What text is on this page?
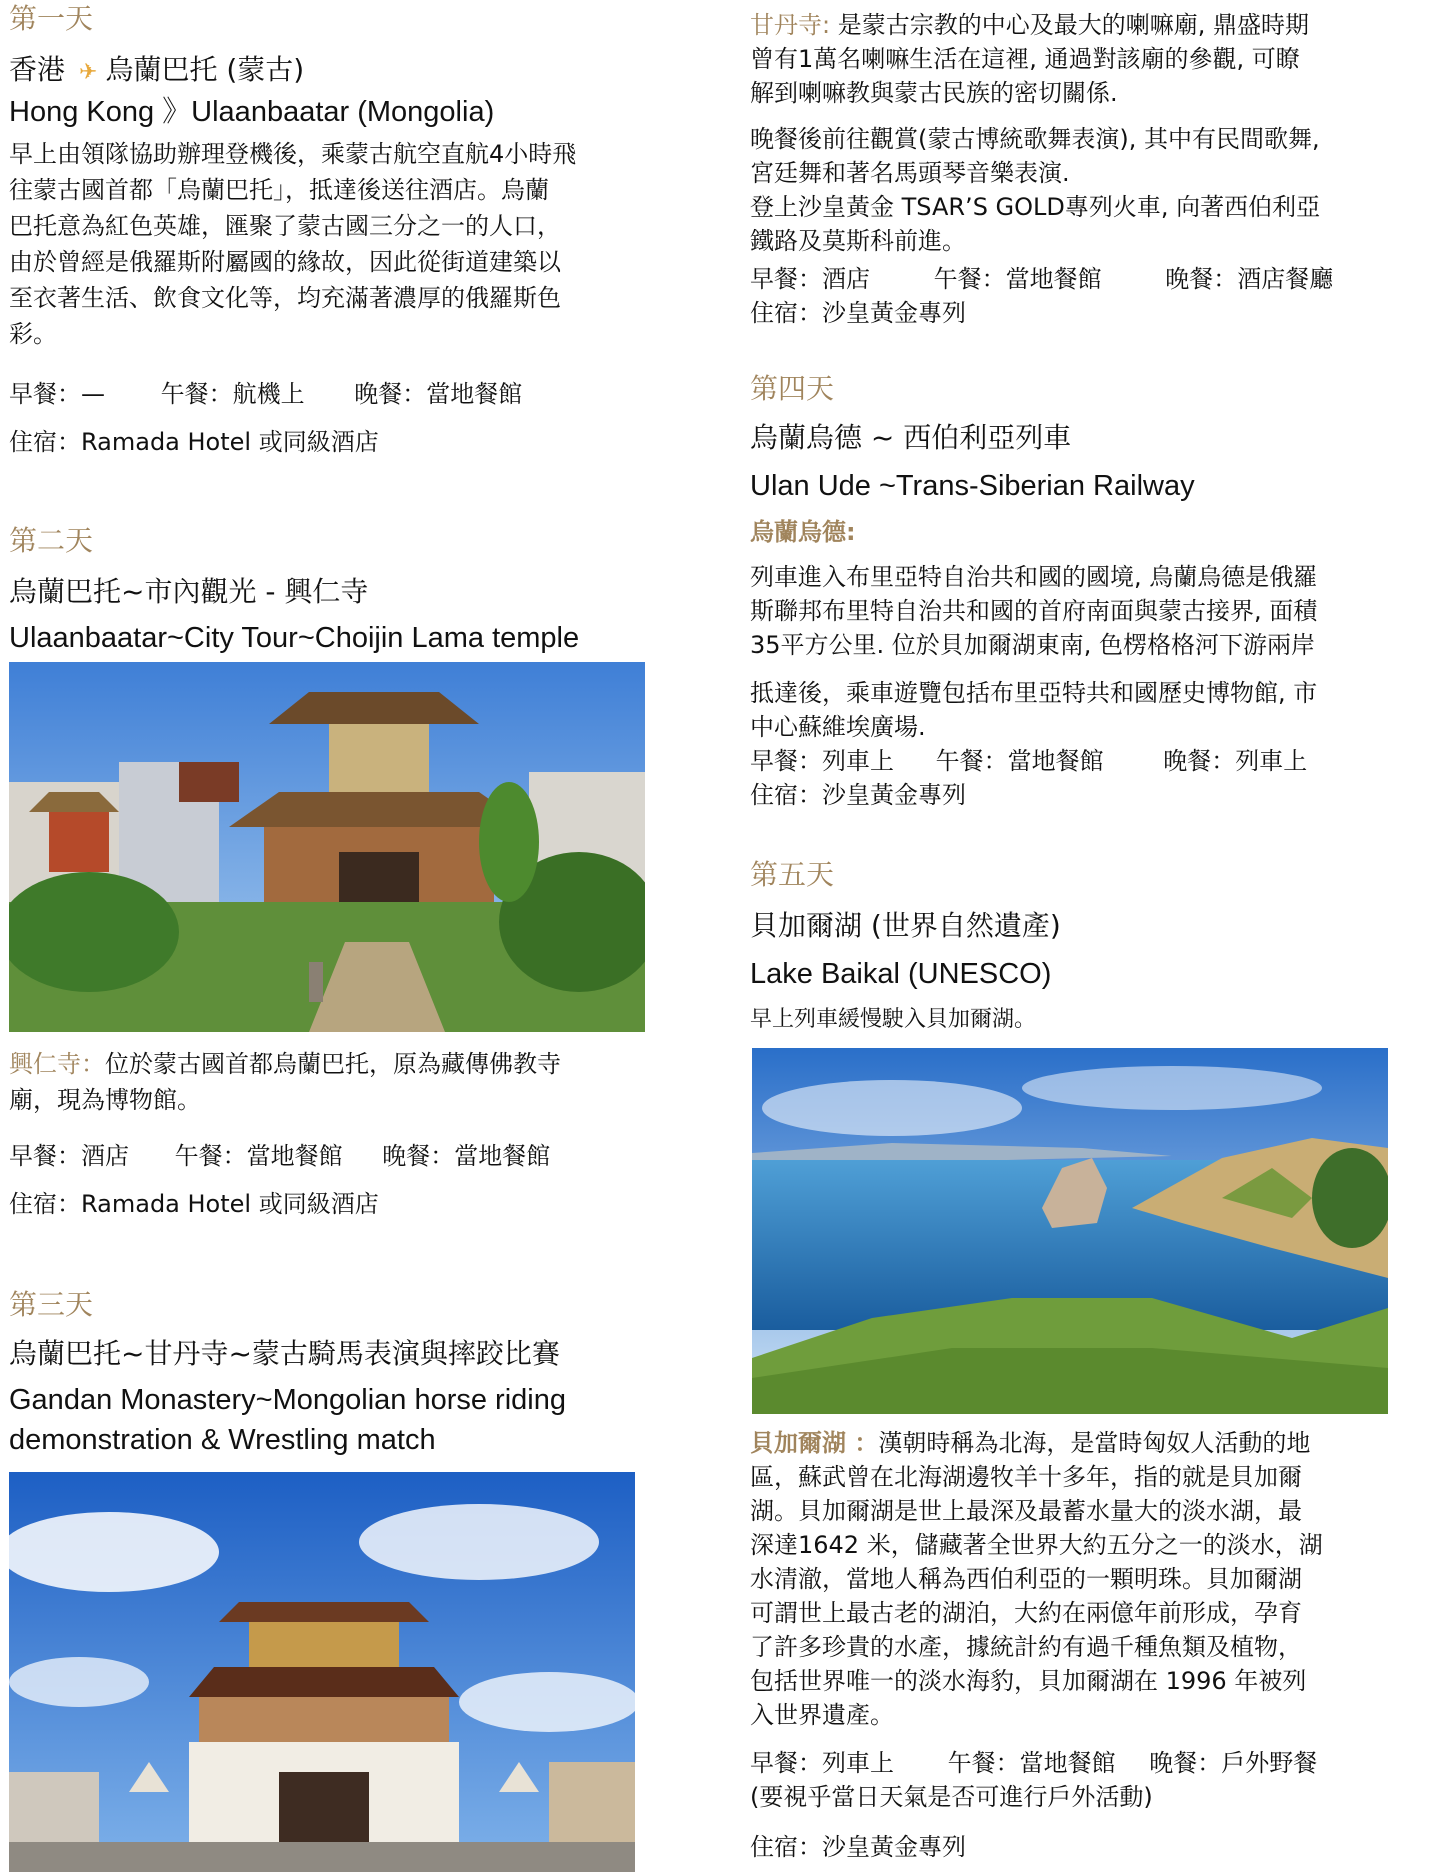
第一天
香港 ✈ 烏蘭巴托 (蒙古)
Hong Kong 》Ulaanbaatar (Mongolia)
早上由領隊協助辦理登機後，乘蒙古航空直航4小時飛
往蒙古國首都「烏蘭巴托」，抵達後送往酒店。烏蘭
巴托意為紅色英雄，匯聚了蒙古國三分之一的人口，
由於曾經是俄羅斯附屬國的緣故，因此從街道建築以
至衣著生活、飲食文化等，均充滿著濃厚的俄羅斯色
彩。
早餐：— 午餐：航機上 晚餐：當地餐館
住宿：Ramada Hotel 或同級酒店
第二天
烏蘭巴托~市內觀光 - 興仁寺
Ulaanbaatar~City Tour~Choijin Lama temple
興仁寺：位於蒙古國首都烏蘭巴托，原為藏傳佛教寺
廟，現為博物館。
早餐：酒店 午餐：當地餐館 晚餐：當地餐館
住宿：Ramada Hotel 或同級酒店
第三天
烏蘭巴托~甘丹寺~蒙古騎馬表演與摔跤比賽
Gandan Monastery~Mongolian horse riding
demonstration & Wrestling match
甘丹寺: 是蒙古宗教的中心及最大的喇嘛廟, 鼎盛時期
曾有1萬名喇嘛生活在這裡, 通過對該廟的參觀, 可瞭
解到喇嘛教與蒙古民族的密切關係.
晚餐後前往觀賞(蒙古博統歌舞表演), 其中有民間歌舞,
宮廷舞和著名馬頭琴音樂表演.
登上沙皇黃金 TSAR’S GOLD專列火車, 向著西伯利亞
鐵路及莫斯科前進。
早餐：酒店	午餐：當地餐館	晚餐：酒店餐廳
住宿：沙皇黃金專列
第四天
烏蘭烏德 ~ 西伯利亞列車
Ulan Ude ~Trans-Siberian Railway
烏蘭烏德:
列車進入布里亞特自治共和國的國境, 烏蘭烏德是俄羅
斯聯邦布里特自治共和國的首府南面與蒙古接界, 面積
35平方公里. 位於貝加爾湖東南, 色楞格格河下游兩岸
抵達後，乘車遊覽包括布里亞特共和國歷史博物館, 市
中心蘇維埃廣場.
早餐：列車上 午餐：當地餐館 晚餐：列車上
住宿：沙皇黃金專列
第五天
貝加爾湖 (世界自然遺產)
Lake Baikal (UNESCO)
早上列車緩慢駛入貝加爾湖。
貝加爾湖 ：漢朝時稱為北海，是當時匈奴人活動的地
區，蘇武曾在北海湖邊牧羊十多年，指的就是貝加爾
湖。貝加爾湖是世上最深及最蓄水量大的淡水湖，最
深達1642 米，儲藏著全世界大約五分之一的淡水，湖
水清澈，當地人稱為西伯利亞的一顆明珠。貝加爾湖
可謂世上最古老的湖泊，大約在兩億年前形成，孕育
了許多珍貴的水產，據統計約有過千種魚類及植物，
包括世界唯一的淡水海豹，貝加爾湖在 1996 年被列
入世界遺產。
早餐：列車上 午餐：當地餐館 晚餐：戶外野餐
(要視乎當日天氣是否可進行戶外活動)
住宿：沙皇黃金專列
